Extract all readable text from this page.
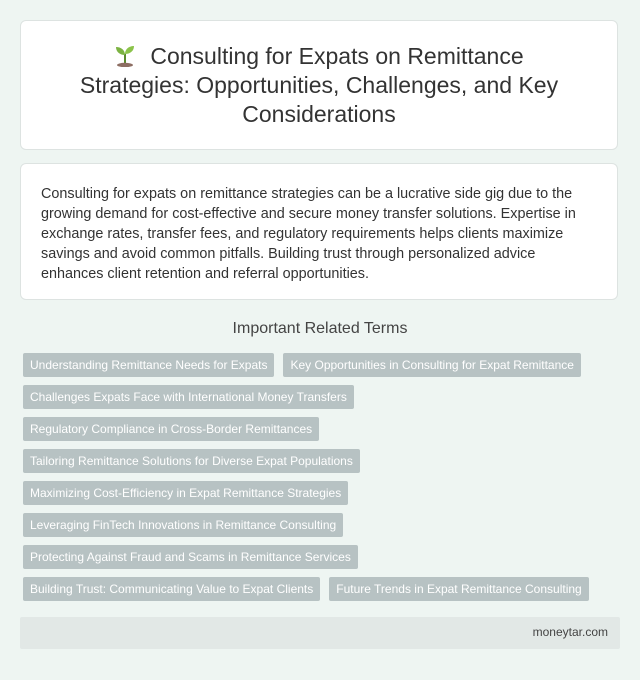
Consulting for Expats on Remittance Strategies: Opportunities, Challenges, and Key Considerations

Consulting for expats on remittance strategies can be a lucrative side gig due to the growing demand for cost-effective and secure money transfer solutions. Expertise in exchange rates, transfer fees, and regulatory requirements helps clients maximize savings and avoid common pitfalls. Building trust through personalized advice enhances client retention and referral opportunities.

Important Related Terms
Understanding Remittance Needs for Expats	Key Opportunities in Consulting for Expat Remittance
Challenges Expats Face with International Money Transfers
Regulatory Compliance in Cross-Border Remittances
Tailoring Remittance Solutions for Diverse Expat Populations
Maximizing Cost-Efficiency in Expat Remittance Strategies
Leveraging FinTech Innovations in Remittance Consulting
Protecting Against Fraud and Scams in Remittance Services
Building Trust: Communicating Value to Expat Clients	Future Trends in Expat Remittance Consulting
moneytar.com
